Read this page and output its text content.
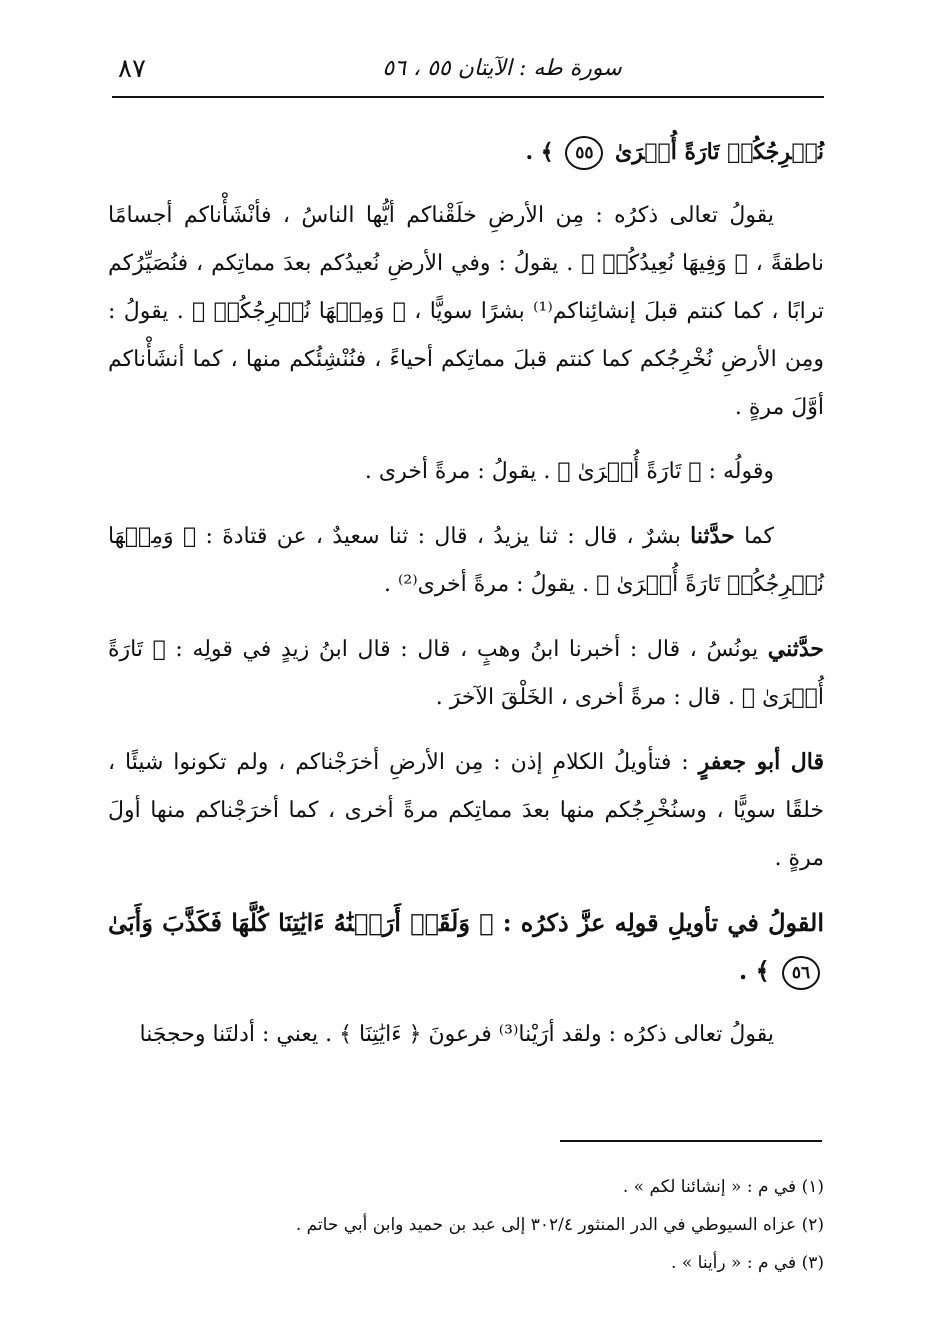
٨٧	سورة طه : الآيتان ٥٥ ، ٥٦

نُخۡرِجُكُمۡ تَارَةً أُخۡرَىٰ ٥٥ ﴾ .

يقولُ تعالى ذكرُه : مِن الأرضِ خلَقْناكم أيُّها الناسُ ، فأنْشَأْناكم أجسامًا ناطقةً ، ﴿ وَفِيهَا نُعِيدُكُمۡ ﴾ . يقولُ : وفي الأرضِ نُعيدُكم بعدَ مماتِكم ، فنُصَيِّرُكم ترابًا ، كما كنتم قبلَ إنشائِناكم⁽¹⁾ بشرًا سويًّا ، ﴿ وَمِنۡهَا نُخۡرِجُكُمۡ ﴾ . يقولُ : ومِن الأرضِ نُخْرِجُكم كما كنتم قبلَ مماتِكم أحياءً ، فنُنْشِئُكم منها ، كما أنشَأْناكم أوَّلَ مرةٍ .

وقولُه : ﴿ تَارَةً أُخۡرَىٰ ﴾ . يقولُ : مرةً أخرى .

كما حدَّثنا بشرٌ ، قال : ثنا يزيدُ ، قال : ثنا سعيدٌ ، عن قتادةَ : ﴿ وَمِنۡهَا نُخۡرِجُكُمۡ تَارَةً أُخۡرَىٰ ﴾ . يقولُ : مرةً أخرى⁽²⁾ .

حدَّثني يونُسُ ، قال : أخبرنا ابنُ وهبٍ ، قال : قال ابنُ زيدٍ في قولِه : ﴿ تَارَةً أُخۡرَىٰ ﴾ . قال : مرةً أخرى ، الخَلْقَ الآخرَ .

قال أبو جعفرٍ : فتأويلُ الكلامِ إذن : مِن الأرضِ أخرَجْناكم ، ولم تكونوا شيئًا ، خلقًا سويًّا ، وسنُخْرِجُكم منها بعدَ مماتِكم مرةً أخرى ، كما أخرَجْناكم منها أولَ مرةٍ .

القولُ في تأويلِ قولِه عزَّ ذكرُه : ﴿ وَلَقَدۡ أَرَيۡنَٰهُ ءَايَٰتِنَا كُلَّهَا فَكَذَّبَ وَأَبَىٰ ٥٦ ﴾ .

يقولُ تعالى ذكرُه : ولقد أرَيْنا⁽³⁾ فرعونَ ﴿ ءَايَٰتِنَا ﴾ . يعني : أدلتَنا وحججَنا

(١) في م : « إنشائنا لكم » .

(٢) عزاه السيوطي في الدر المنثور ٣٠٢/٤ إلى عبد بن حميد وابن أبي حاتم .

(٣) في م : « رأينا » .
